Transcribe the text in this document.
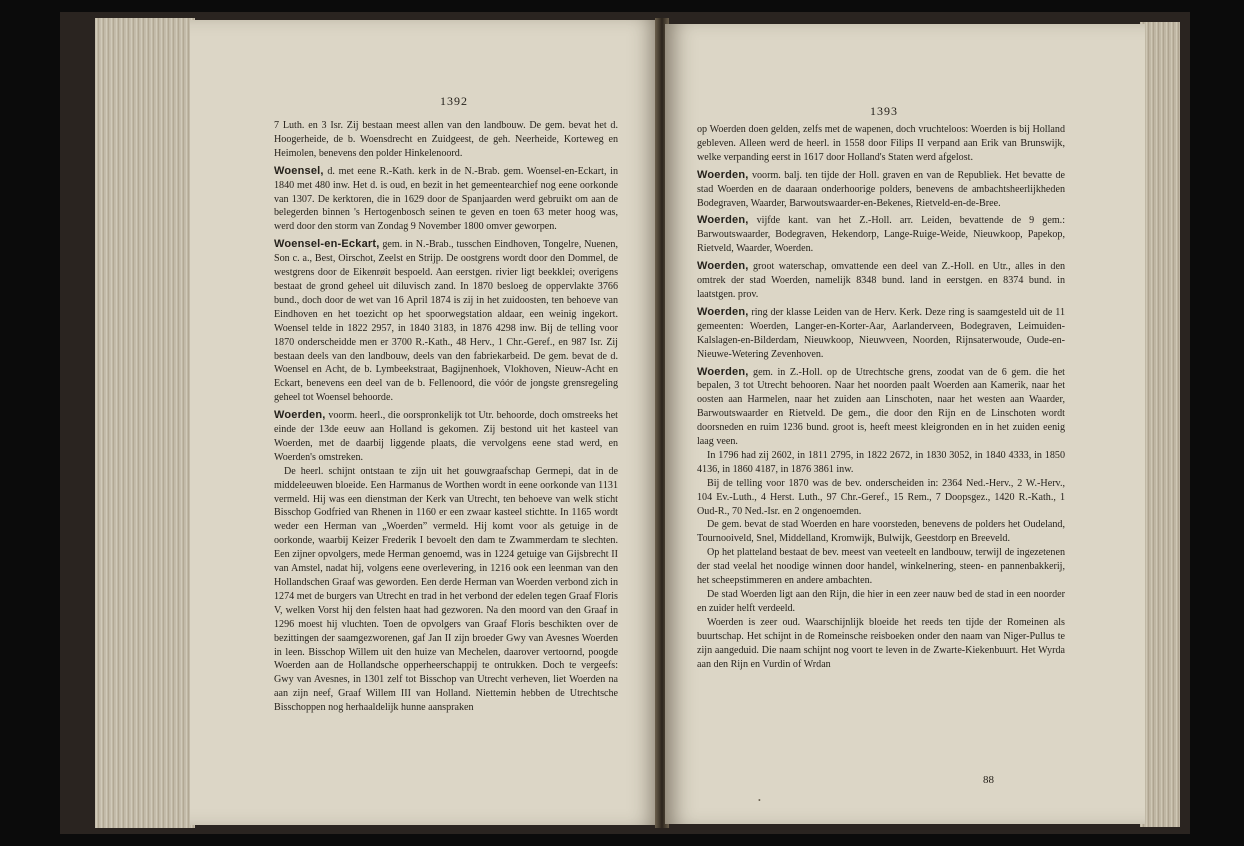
1392

7 Luth. en 3 Isr. Zij bestaan meest allen van den landbouw. De gem. bevat het d. Hoogerheide, de b. Woensdrecht en Zuidgeest, de geh. Neerheide, Korteweg en Heimolen, benevens den polder Hinkelenoord.

Woensel, d. met eene R.-Kath. kerk in de N.-Brab. gem. Woensel-en-Eckart, in 1840 met 480 inw. Het d. is oud, en bezit in het gemeentearchief nog eene oorkonde van 1307. De kerktoren, die in 1629 door de Spanjaarden werd gebruikt om aan de belegerden binnen 's Hertogenbosch seinen te geven en toen 63 meter hoog was, werd door den storm van Zondag 9 November 1800 omver geworpen.

Woensel-en-Eckart, gem. in N.-Brab., tusschen Eindhoven, Tongelre, Nuenen, Son c. a., Best, Oirschot, Zeelst en Strijp. De oostgrens wordt door den Dommel, de westgrens door de Eikenrøit bespoeld. Aan eerstgen. rivier ligt beekklei; overigens bestaat de grond geheel uit diluvisch zand. In 1870 besloeg de oppervlakte 3766 bund., doch door de wet van 16 April 1874 is zij in het zuidoosten, ten behoeve van Eindhoven en het toezicht op het spoorwegstation aldaar, een weinig ingekort. Woensel telde in 1822 2957, in 1840 3183, in 1876 4298 inw. Bij de telling voor 1870 onderscheidde men er 3700 R.-Kath., 48 Herv., 1 Chr.-Geref., en 987 Isr. Zij bestaan deels van den landbouw, deels van den fabriekarbeid. De gem. bevat de d. Woensel en Acht, de b. Lymbeekstraat, Bagijnenhoek, Vlokhoven, Nieuw-Acht en Eckart, benevens een deel van de b. Fellenoord, die vóór de jongste grensregeling geheel tot Woensel behoorde.

Woerden, voorm. heerl., die oorspronkelijk tot Utr. behoorde, doch omstreeks het einde der 13de eeuw aan Holland is gekomen. Zij bestond uit het kasteel van Woerden, met de daarbij liggende plaats, die vervolgens eene stad werd, en Woerden's omstreken.

De heerl. schijnt ontstaan te zijn uit het gouwgraafschap Germepi, dat in de middeleeuwen bloeide. Een Harmanus de Worthen wordt in eene oorkonde van 1131 vermeld. Hij was een dienstman der Kerk van Utrecht, ten behoeve van welk sticht Bisschop Godfried van Rhenen in 1160 er een zwaar kasteel stichtte. In 1165 wordt weder een Herman van „Woerden” vermeld. Hij komt voor als getuige in de oorkonde, waarbij Keizer Frederik I bevoelt den dam te Zwammerdam te slechten. Een zijner opvolgers, mede Herman genoemd, was in 1224 getuige van Gijsbrecht II van Amstel, nadat hij, volgens eene overlevering, in 1216 ook een leenman van den Hollandschen Graaf was geworden. Een derde Herman van Woerden verbond zich in 1274 met de burgers van Utrecht en trad in het verbond der edelen tegen Graaf Floris V, welken Vorst hij den felsten haat had gezworen. Na den moord van den Graaf in 1296 moest hij vluchten. Toen de opvolgers van Graaf Floris beschikten over de bezittingen der saamgezworenen, gaf Jan II zijn broeder Gwy van Avesnes Woerden in leen. Bisschop Willem uit den huize van Mechelen, daarover vertoornd, poogde Woerden aan de Hollandsche opperheerschappij te ontrukken. Doch te vergeefs: Gwy van Avesnes, in 1301 zelf tot Bisschop van Utrecht verheven, liet Woerden na aan zijn neef, Graaf Willem III van Holland. Niettemin hebben de Utrechtsche Bisschoppen nog herhaaldelijk hunne aanspraken

1393

op Woerden doen gelden, zelfs met de wapenen, doch vruchteloos: Woerden is bij Holland gebleven. Alleen werd de heerl. in 1558 door Filips II verpand aan Erik van Brunswijk, welke verpanding eerst in 1617 door Holland's Staten werd afgelost.

Woerden, voorm. balj. ten tijde der Holl. graven en van de Republiek. Het bevatte de stad Woerden en de daaraan onderhoorige polders, benevens de ambachtsheerlijkheden Bodegraven, Waarder, Barwoutswaarder-en-Bekenes, Rietveld-en-de-Bree.

Woerden, vijfde kant. van het Z.-Holl. arr. Leiden, bevattende de 9 gem.: Barwoutswaarder, Bodegraven, Hekendorp, Lange-Ruige-Weide, Nieuwkoop, Papekop, Rietveld, Waarder, Woerden.

Woerden, groot waterschap, omvattende een deel van Z.-Holl. en Utr., alles in den omtrek der stad Woerden, namelijk 8348 bund. land in eerstgen. en 8374 bund. in laatstgen. prov.

Woerden, ring der klasse Leiden van de Herv. Kerk. Deze ring is saamgesteld uit de 11 gemeenten: Woerden, Langer-en-Korter-Aar, Aarlanderveen, Bodegraven, Leimuiden-Kalslagen-en-Bilderdam, Nieuwkoop, Nieuwveen, Noorden, Rijnsaterwoude, Oude-en-Nieuwe-Wetering Zevenhoven.

Woerden, gem. in Z.-Holl. op de Utrechtsche grens, zoodat van de 6 gem. die het bepalen, 3 tot Utrecht behooren. Naar het noorden paalt Woerden aan Kamerik, naar het oosten aan Harmelen, naar het zuiden aan Linschoten, naar het westen aan Waarder, Barwoutswaarder en Rietveld. De gem., die door den Rijn en de Linschoten wordt doorsneden en ruim 1236 bund. groot is, heeft meest kleigronden en in het zuiden eenig laag veen.

In 1796 had zij 2602, in 1811 2795, in 1822 2672, in 1830 3052, in 1840 4333, in 1850 4136, in 1860 4187, in 1876 3861 inw.

Bij de telling voor 1870 was de bev. onderscheiden in: 2364 Ned.-Herv., 2 W.-Herv., 104 Ev.-Luth., 4 Herst. Luth., 97 Chr.-Geref., 15 Rem., 7 Doopsgez., 1420 R.-Kath., 1 Oud-R., 70 Ned.-Isr. en 2 ongenoemden.

De gem. bevat de stad Woerden en hare voorsteden, benevens de polders het Oudeland, Tournooiveld, Snel, Middelland, Kromwijk, Bulwijk, Geestdorp en Breeveld.

Op het platteland bestaat de bev. meest van veeteelt en landbouw, terwijl de ingezetenen der stad veelal het noodige winnen door handel, winkelnering, steen- en pannenbakkerij, het scheepstimmeren en andere ambachten.

De stad Woerden ligt aan den Rijn, die hier in een zeer nauw bed de stad in een noorder en zuider helft verdeeld.

Woerden is zeer oud. Waarschijnlijk bloeide het reeds ten tijde der Romeinen als buurtschap. Het schijnt in de Romeinsche reisboeken onder den naam van Niger-Pullus te zijn aangeduid. Die naam schijnt nog voort te leven in de Zwarte-Kiekenbuurt. Het Wyrda aan den Rijn en Vurdin of Wrdan

•
88
